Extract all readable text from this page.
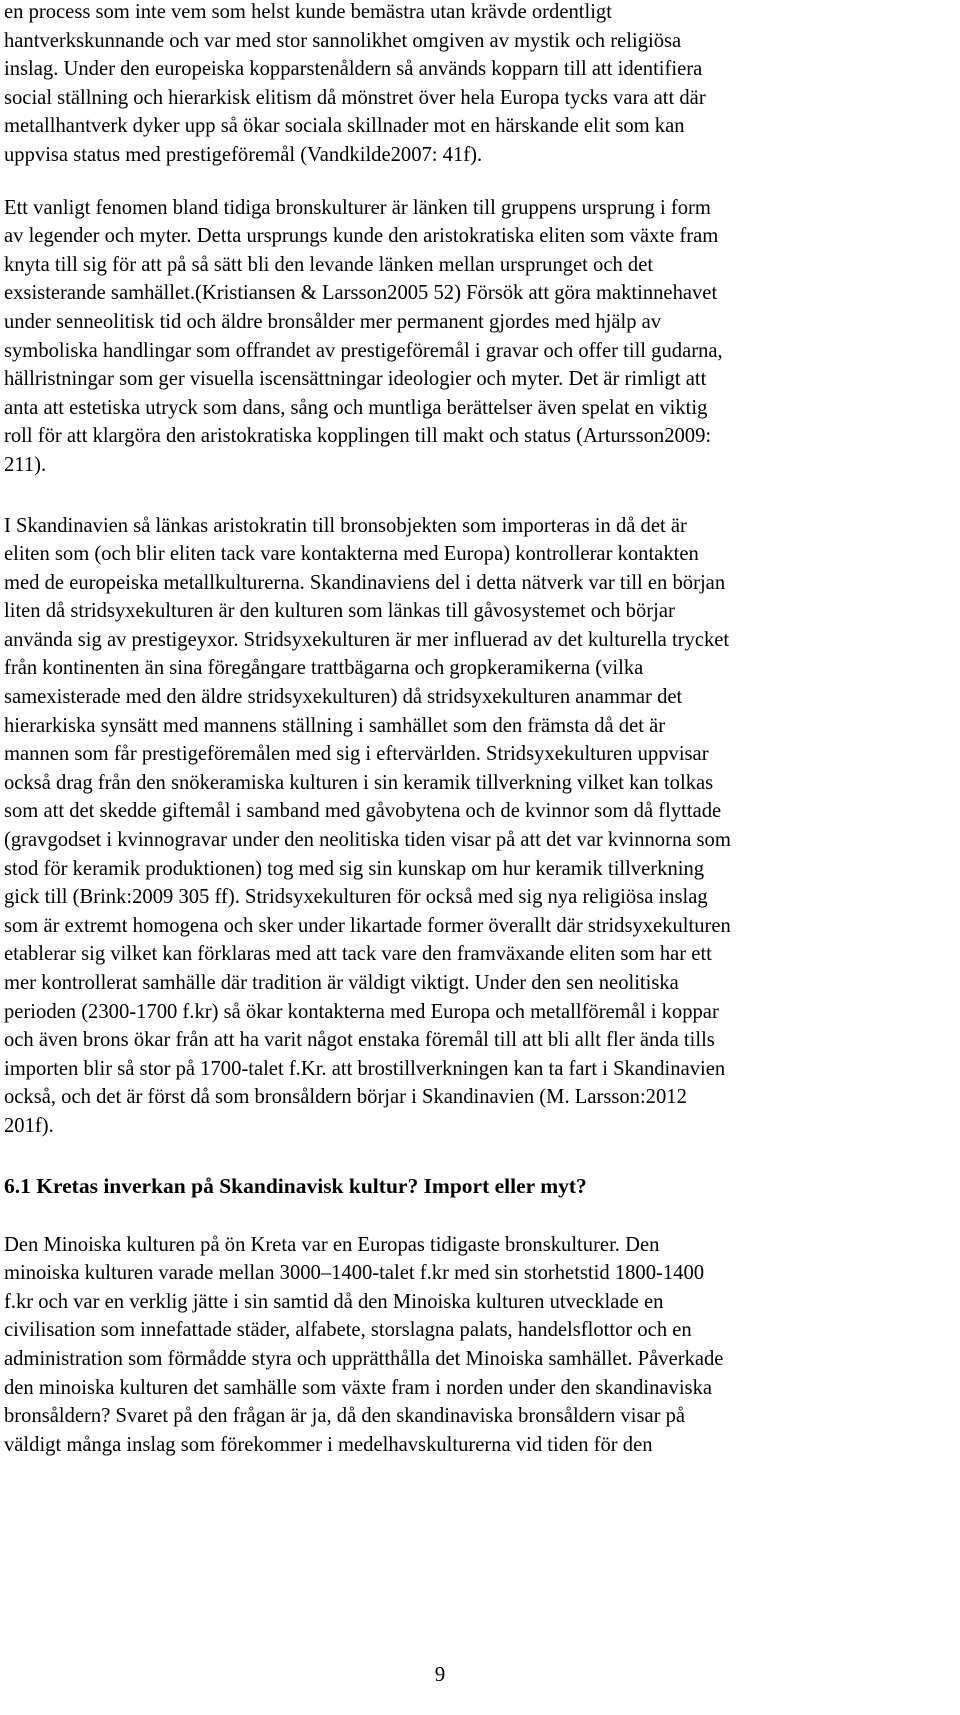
en process som inte vem som helst kunde bemästra utan krävde ordentligt
hantverkskunnande och var med stor sannolikhet omgiven av mystik och religiösa
inslag. Under den europeiska kopparstenåldern så används kopparn till att identifiera
social ställning och hierarkisk elitism då mönstret över hela Europa tycks vara att där
metallhantverk dyker upp så ökar sociala skillnader mot en härskande elit som kan
uppvisa status med prestigeföremål (Vandkilde2007: 41f).
Ett vanligt fenomen bland tidiga bronskulturer är länken till gruppens ursprung i form
av legender och myter. Detta ursprungs kunde den aristokratiska eliten som växte fram
knyta till sig för att på så sätt bli den levande länken mellan ursprunget och det
exsisterande samhället.(Kristiansen & Larsson2005 52) Försök att göra maktinnehavet
under senneolitisk tid och äldre bronsålder mer permanent gjordes med hjälp av
symboliska handlingar som offrandet av prestigeföremål i gravar och offer till gudarna,
hällristningar som ger visuella iscensättningar ideologier och myter. Det är rimligt att
anta att estetiska utryck som dans, sång och muntliga berättelser även spelat en viktig
roll för att klargöra den aristokratiska kopplingen till makt och status (Artursson2009:
211).
I Skandinavien så länkas aristokratin till bronsobjekten som importeras in då det är
eliten som (och blir eliten tack vare kontakterna med Europa) kontrollerar kontakten
med de europeiska metallkulturerna. Skandinaviens del i detta nätverk var till en början
liten då stridsyxekulturen är den kulturen som länkas till gåvosystemet och börjar
använda sig av prestigeyxor. Stridsyxekulturen är mer influerad av det kulturella trycket
från kontinenten än sina föregångare trattbägarna och gropkeramikerna (vilka
samexisterade med den äldre stridsyxekulturen) då stridsyxekulturen anammar det
hierarkiska synsätt med mannens ställning i samhället som den främsta då det är
mannen som får prestigeföremålen med sig i eftervärlden. Stridsyxekulturen uppvisar
också drag från den snökeramiska kulturen i sin keramik tillverkning vilket kan tolkas
som att det skedde giftemål i samband med gåvobytena och de kvinnor som då flyttade
(gravgodset i kvinnogravar under den neolitiska tiden visar på att det var kvinnorna som
stod för keramik produktionen) tog med sig sin kunskap om hur keramik tillverkning
gick till (Brink:2009 305 ff). Stridsyxekulturen för också med sig nya religiösa inslag
som är extremt homogena och sker under likartade former överallt där stridsyxekulturen
etablerar sig vilket kan förklaras med att tack vare den framväxande eliten som har ett
mer kontrollerat samhälle där tradition är väldigt viktigt. Under den sen neolitiska
perioden (2300-1700 f.kr) så ökar kontakterna med Europa och metallföremål i koppar
och även brons ökar från att ha varit något enstaka föremål till att bli allt fler ända tills
importen blir så stor på 1700-talet f.Kr. att brostillverkningen kan ta fart i Skandinavien
också, och det är först då som bronsåldern börjar i Skandinavien (M. Larsson:2012
201f).
6.1 Kretas inverkan på Skandinavisk kultur? Import eller myt?
Den Minoiska kulturen på ön Kreta var en Europas tidigaste bronskulturer. Den
minoiska kulturen varade mellan 3000–1400-talet f.kr med sin storhetstid 1800-1400
f.kr och var en verklig jätte i sin samtid då den Minoiska kulturen utvecklade en
civilisation som innefattade städer, alfabete, storslagna palats, handelsflottor och en
administration som förmådde styra och upprätthålla det Minoiska samhället. Påverkade
den minoiska kulturen det samhälle som växte fram i norden under den skandinaviska
bronsåldern? Svaret på den frågan är ja, då den skandinaviska bronsåldern visar på
väldigt många inslag som förekommer i medelhavskulturerna vid tiden för den
9
